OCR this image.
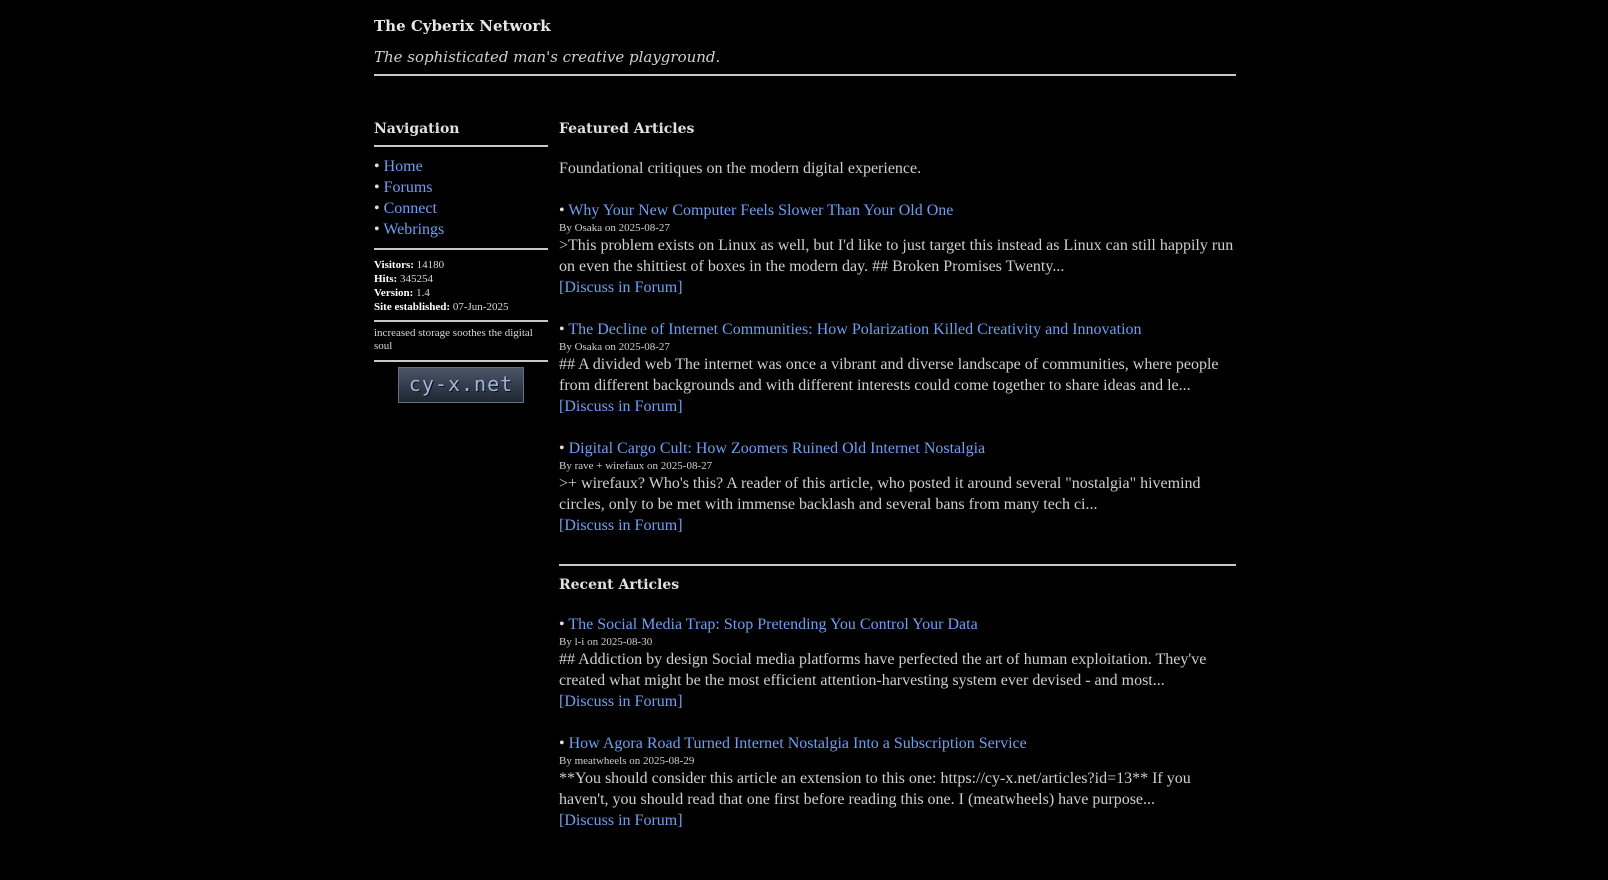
The Cyberix Network
The sophisticated man's creative playground.
Navigation
• Home
• Forums
• Connect
• Webrings
Visitors: 14180
Hits: 345254
Version: 1.4
Site established: 07-Jun-2025
increased storage soothes the digital soul
cy-x.net
Featured Articles
Foundational critiques on the modern digital experience.
• Why Your New Computer Feels Slower Than Your Old One
By Osaka on 2025-08-27
>This problem exists on Linux as well, but I'd like to just target this instead as Linux can still happily run on even the shittiest of boxes in the modern day. ## Broken Promises Twenty...
[Discuss in Forum]
• The Decline of Internet Communities: How Polarization Killed Creativity and Innovation
By Osaka on 2025-08-27
## A divided web The internet was once a vibrant and diverse landscape of communities, where people from different backgrounds and with different interests could come together to share ideas and le...
[Discuss in Forum]
• Digital Cargo Cult: How Zoomers Ruined Old Internet Nostalgia
By rave + wirefaux on 2025-08-27
>+ wirefaux? Who's this? A reader of this article, who posted it around several "nostalgia" hivemind circles, only to be met with immense backlash and several bans from many tech ci...
[Discuss in Forum]
Recent Articles
• The Social Media Trap: Stop Pretending You Control Your Data
By l-i on 2025-08-30
## Addiction by design Social media platforms have perfected the art of human exploitation. They've created what might be the most efficient attention-harvesting system ever devised - and most...
[Discuss in Forum]
• How Agora Road Turned Internet Nostalgia Into a Subscription Service
By meatwheels on 2025-08-29
**You should consider this article an extension to this one: https://cy-x.net/articles?id=13** If you haven't, you should read that one first before reading this one. I (meatwheels) have purpose...
[Discuss in Forum]
